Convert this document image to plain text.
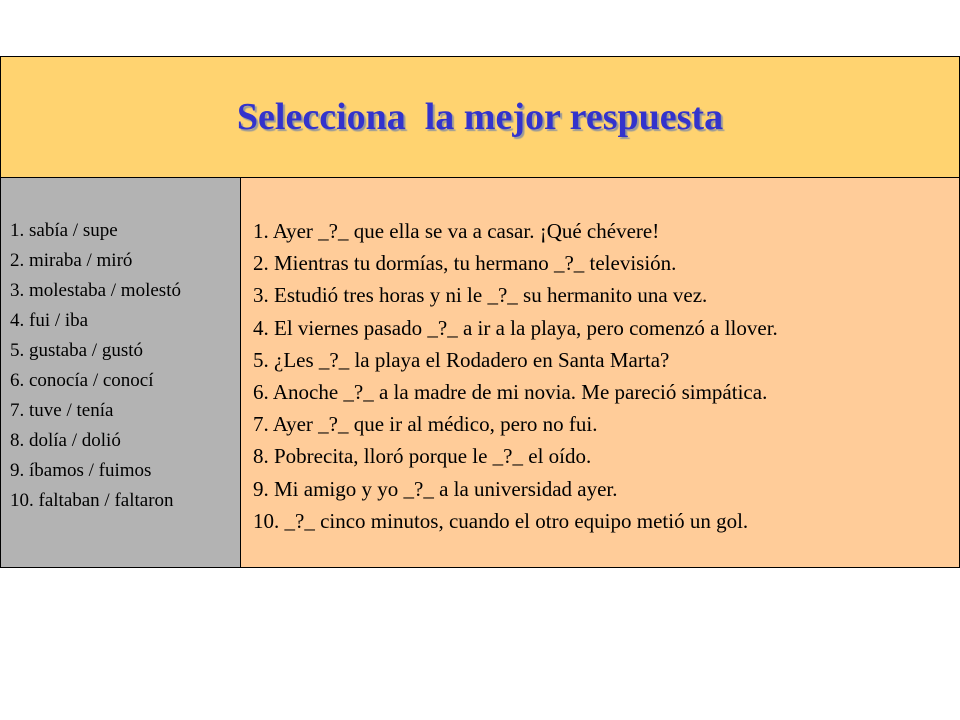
Selecciona  la mejor respuesta
1. sabía / supe
2. miraba / miró
3. molestaba / molestó
4. fui / iba
5. gustaba / gustó
6. conocía / conocí
7. tuve / tenía
8. dolía / dolió
9. íbamos / fuimos
10. faltaban / faltaron
1. Ayer _?_ que ella se va a casar. ¡Qué chévere!
2. Mientras tu dormías, tu hermano _?_ televisión.
3. Estudió tres horas y ni le _?_ su hermanito una vez.
4. El viernes pasado _?_ a ir a la playa, pero comenzó a llover.
5. ¿Les _?_ la playa el Rodadero en Santa Marta?
6. Anoche _?_ a la madre de mi novia. Me pareció simpática.
7. Ayer _?_ que ir al médico, pero no fui.
8. Pobrecita, lloró porque le _?_ el oído.
9. Mi amigo y yo _?_ a la universidad ayer.
10. _?_ cinco minutos, cuando el otro equipo metió un gol.
